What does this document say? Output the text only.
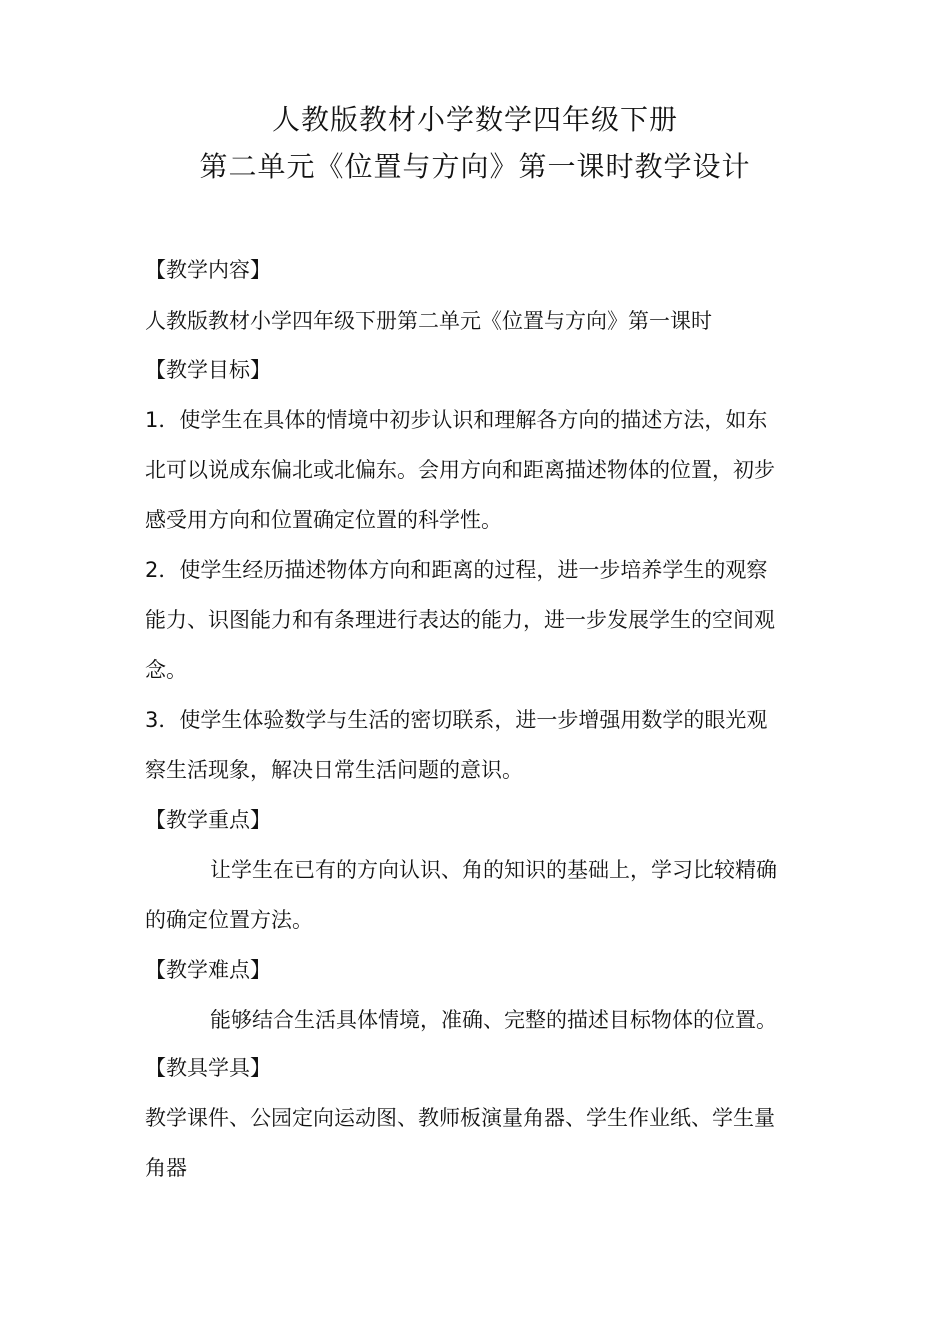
人教版教材小学数学四年级下册
第二单元《位置与方向》第一课时教学设计
【教学内容】
人教版教材小学四年级下册第二单元《位置与方向》第一课时
【教学目标】
1．使学生在具体的情境中初步认识和理解各方向的描述方法，如东
北可以说成东偏北或北偏东。会用方向和距离描述物体的位置，初步
感受用方向和位置确定位置的科学性。
2．使学生经历描述物体方向和距离的过程，进一步培养学生的观察
能力、识图能力和有条理进行表达的能力，进一步发展学生的空间观
念。
3．使学生体验数学与生活的密切联系，进一步增强用数学的眼光观
察生活现象，解决日常生活问题的意识。
【教学重点】
让学生在已有的方向认识、角的知识的基础上，学习比较精确
的确定位置方法。
【教学难点】
能够结合生活具体情境，准确、完整的描述目标物体的位置。
【教具学具】
教学课件、公园定向运动图、教师板演量角器、学生作业纸、学生量
角器
